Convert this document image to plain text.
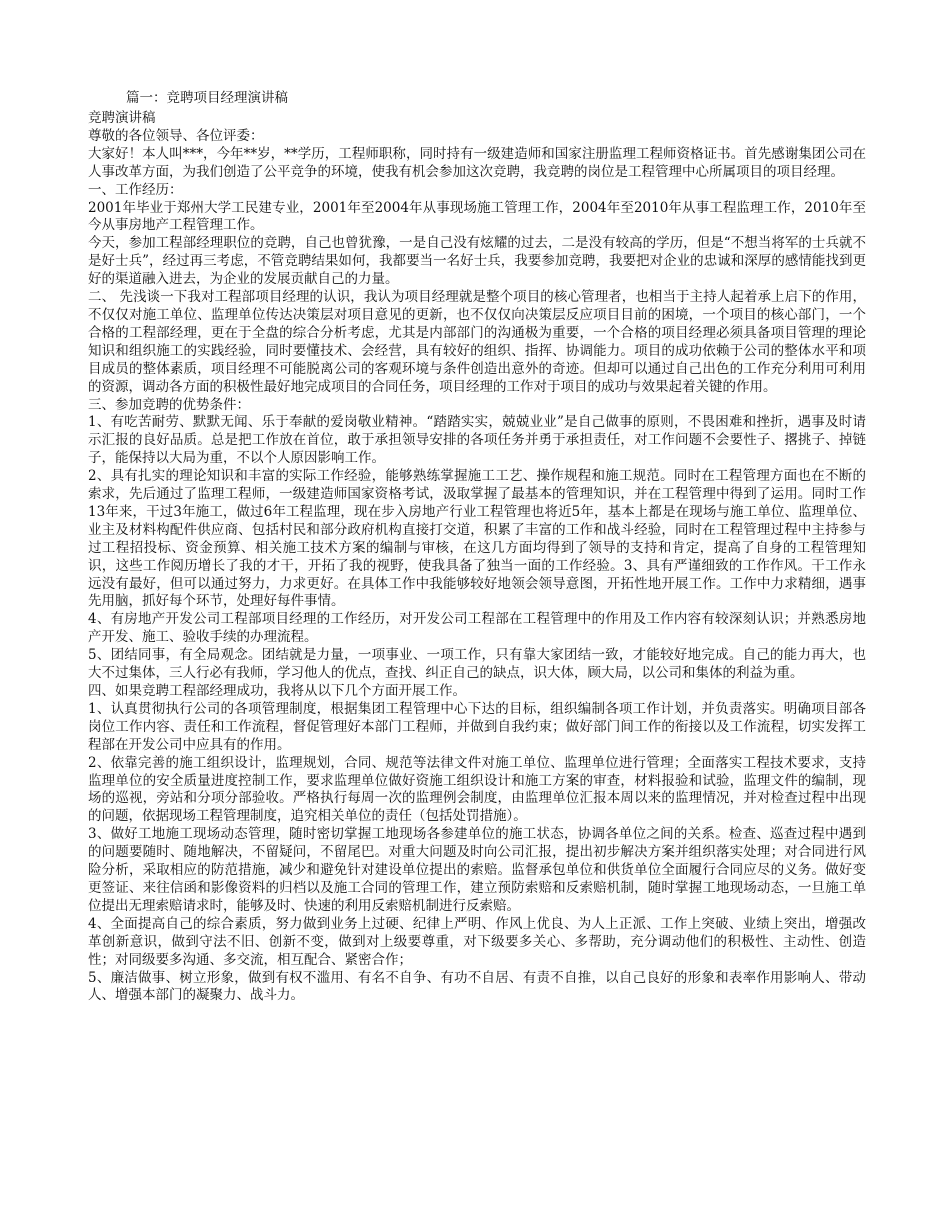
篇一：竞聘项目经理演讲稿

竞聘演讲稿

尊敬的各位领导、各位评委：

大家好！本人叫***，今年**岁，**学历，工程师职称，同时持有一级建造师和国家注册监理工程师资格证书。首先感谢集团公司在人事改革方面，为我们创造了公平竞争的环境，使我有机会参加这次竞聘，我竞聘的岗位是工程管理中心所属项目的项目经理。

一、工作经历：

2001年毕业于郑州大学工民建专业，2001年至2004年从事现场施工管理工作，2004年至2010年从事工程监理工作，2010年至今从事房地产工程管理工作。

今天，参加工程部经理职位的竞聘，自己也曾犹豫，一是自己没有炫耀的过去，二是没有较高的学历，但是“不想当将军的士兵就不是好士兵”，经过再三考虑，不管竞聘结果如何，我都要当一名好士兵，我要参加竞聘，我要把对企业的忠诚和深厚的感情能找到更好的渠道融入进去，为企业的发展贡献自己的力量。

二、 先浅谈一下我对工程部项目经理的认识，我认为项目经理就是整个项目的核心管理者，也相当于主持人起着承上启下的作用，不仅仅对施工单位、监理单位传达决策层对项目意见的更新，也不仅仅向决策层反应项目目前的困境，一个项目的核心部门，一个合格的工程部经理，更在于全盘的综合分析考虑，尤其是内部部门的沟通极为重要，一个合格的项目经理必须具备项目管理的理论知识和组织施工的实践经验，同时要懂技术、会经营，具有较好的组织、指挥、协调能力。项目的成功依赖于公司的整体水平和项目成员的整体素质，项目经理不可能脱离公司的客观环境与条件创造出意外的奇迹。但却可以通过自己出色的工作充分利用可利用的资源，调动各方面的积极性最好地完成项目的合同任务，项目经理的工作对于项目的成功与效果起着关键的作用。

三、参加竞聘的优势条件：

1、有吃苦耐劳、默默无闻、乐于奉献的爱岗敬业精神。“踏踏实实，兢兢业业”是自己做事的原则，不畏困难和挫折，遇事及时请示汇报的良好品质。总是把工作放在首位，敢于承担领导安排的各项任务并勇于承担责任，对工作问题不会要性子、撂挑子、掉链子，能保持以大局为重，不以个人原因影响工作。

2、具有扎实的理论知识和丰富的实际工作经验，能够熟练掌握施工工艺、操作规程和施工规范。同时在工程管理方面也在不断的索求，先后通过了监理工程师，一级建造师国家资格考试，汲取掌握了最基本的管理知识，并在工程管理中得到了运用。同时工作13年来，干过3年施工，做过6年工程监理，现在步入房地产行业工程管理也将近5年，基本上都是在现场与施工单位、监理单位、业主及材料构配件供应商、包括村民和部分政府机构直接打交道，积累了丰富的工作和战斗经验，同时在工程管理过程中主持参与过工程招投标、资金预算、相关施工技术方案的编制与审核，在这几方面均得到了领导的支持和肯定，提高了自身的工程管理知识，这些工作阅历增长了我的才干，开拓了我的视野，使我具备了独当一面的工作经验。3、具有严谨细致的工作作风。干工作永远没有最好，但可以通过努力，力求更好。在具体工作中我能够较好地领会领导意图，开拓性地开展工作。工作中力求精细，遇事先用脑，抓好每个环节，处理好每件事情。

4、有房地产开发公司工程部项目经理的工作经历，对开发公司工程部在工程管理中的作用及工作内容有较深刻认识；并熟悉房地产开发、施工、验收手续的办理流程。

5、团结同事，有全局观念。团结就是力量，一项事业、一项工作，只有靠大家团结一致，才能较好地完成。自己的能力再大，也大不过集体，三人行必有我师，学习他人的优点，查找、纠正自己的缺点，识大体，顾大局，以公司和集体的利益为重。

四、如果竞聘工程部经理成功，我将从以下几个方面开展工作。

1、认真贯彻执行公司的各项管理制度，根据集团工程管理中心下达的目标，组织编制各项工作计划，并负责落实。明确项目部各岗位工作内容、责任和工作流程，督促管理好本部门工程师，并做到自我约束；做好部门间工作的衔接以及工作流程，切实发挥工程部在开发公司中应具有的作用。

2、依靠完善的施工组织设计，监理规划，合同、规范等法律文件对施工单位、监理单位进行管理；全面落实工程技术要求，支持监理单位的安全质量进度控制工作，要求监理单位做好资施工组织设计和施工方案的审查，材料报验和试验，监理文件的编制，现场的巡视，旁站和分项分部验收。严格执行每周一次的监理例会制度，由监理单位汇报本周以来的监理情况，并对检查过程中出现的问题，依据现场工程管理制度，追究相关单位的责任（包括处罚措施）。

3、做好工地施工现场动态管理，随时密切掌握工地现场各参建单位的施工状态，协调各单位之间的关系。检查、巡查过程中遇到的问题要随时、随地解决，不留疑问，不留尾巴。对重大问题及时向公司汇报，提出初步解决方案并组织落实处理；对合同进行风险分析，采取相应的防范措施，减少和避免针对建设单位提出的索赔。监督承包单位和供货单位全面履行合同应尽的义务。做好变更签证、来往信函和影像资料的归档以及施工合同的管理工作，建立预防索赔和反索赔机制，随时掌握工地现场动态，一旦施工单位提出无理索赔请求时，能够及时、快速的利用反索赔机制进行反索赔。

4、全面提高自己的综合素质，努力做到业务上过硬、纪律上严明、作风上优良、为人上正派、工作上突破、业绩上突出，增强改革创新意识，做到守法不旧、创新不变，做到对上级要尊重，对下级要多关心、多帮助，充分调动他们的积极性、主动性、创造性；对同级要多沟通、多交流，相互配合、紧密合作；

5、廉洁做事、树立形象，做到有权不滥用、有名不自争、有功不自居、有责不自推，以自己良好的形象和表率作用影响人、带动人、增强本部门的凝聚力、战斗力。
